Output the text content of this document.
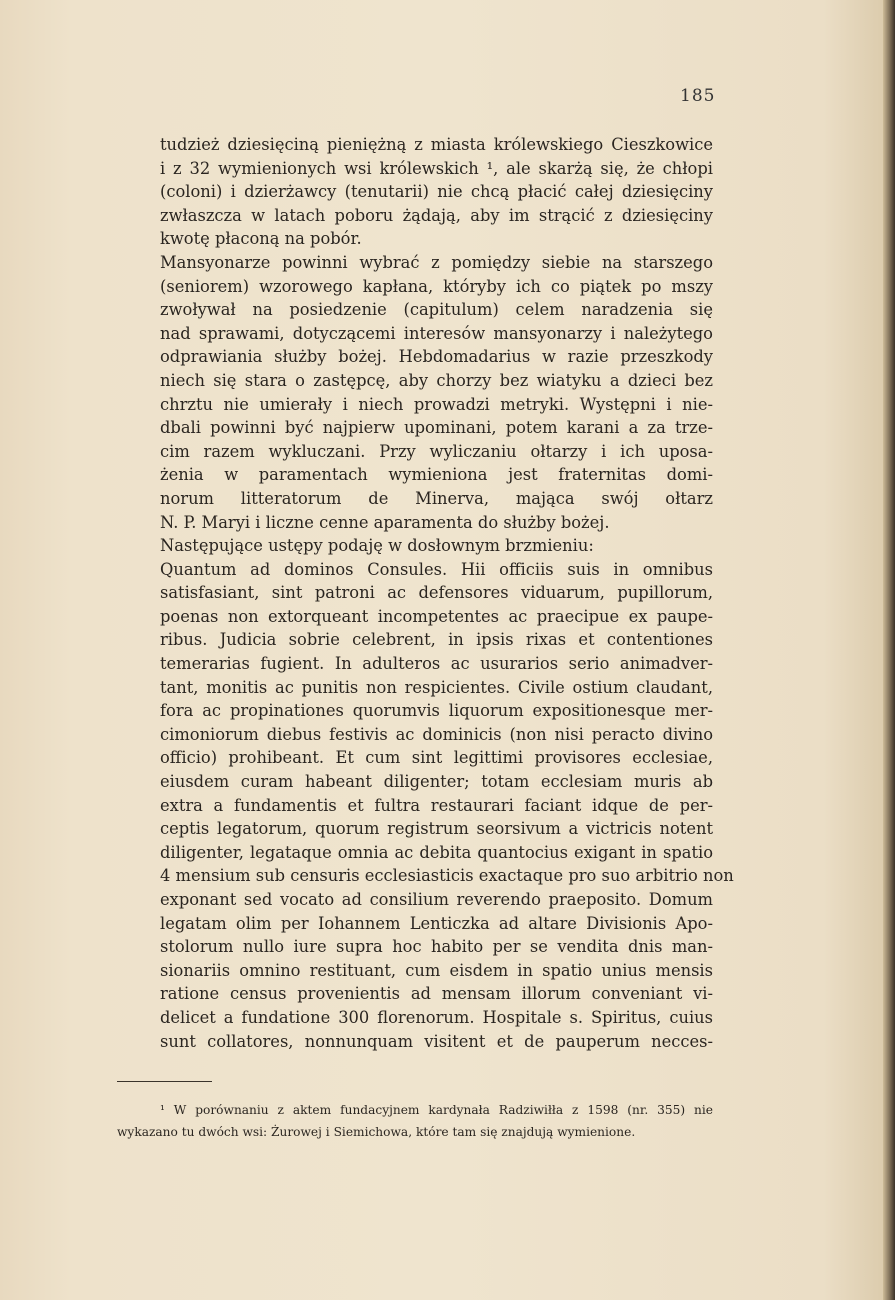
185
tudzież dziesięciną pieniężną z miasta królewskiego Cieszkowice
i z 32 wymienionych wsi królewskich ¹, ale skarżą się, że chłopi
(coloni) i dzierżawcy (tenutarii) nie chcą płacić całej dziesięciny
zwłaszcza w latach poboru żądają, aby im strącić z dziesięciny
kwotę płaconą na pobór.
Mansyonarze powinni wybrać z pomiędzy siebie na starszego
(seniorem) wzorowego kapłana, któryby ich co piątek po mszy
zwoływał na posiedzenie (capitulum) celem naradzenia się
nad sprawami, dotyczącemi interesów mansyonarzy i należytego
odprawiania służby bożej. Hebdomadarius w razie przeszkody
niech się stara o zastępcę, aby chorzy bez wiatyku a dzieci bez
chrztu nie umierały i niech prowadzi metryki. Występni i nie-
dbali powinni być najpierw upominani, potem karani a za trze-
cim razem wykluczani. Przy wyliczaniu ołtarzy i ich uposa-
żenia w paramentach wymieniona jest fraternitas domi-
norum litteratorum de Minerva, mająca swój ołtarz
N. P. Maryi i liczne cenne aparamenta do służby bożej.
Następujące ustępy podaję w dosłownym brzmieniu:
Quantum ad dominos Consules. Hii officiis suis in omnibus
satisfasiant, sint patroni ac defensores viduarum, pupillorum,
poenas non extorqueant incompetentes ac praecipue ex paupe-
ribus. Judicia sobrie celebrent, in ipsis rixas et contentiones
temerarias fugient. In adulteros ac usurarios serio animadver-
tant, monitis ac punitis non respicientes. Civile ostium claudant,
fora ac propinationes quorumvis liquorum expositionesque mer-
cimoniorum diebus festivis ac dominicis (non nisi peracto divino
officio) prohibeant. Et cum sint legittimi provisores ecclesiae,
eiusdem curam habeant diligenter; totam ecclesiam muris ab
extra a fundamentis et fultra restaurari faciant idque de per-
ceptis legatorum, quorum registrum seorsivum a victricis notent
diligenter, legataque omnia ac debita quantocius exigant in spatio
4 mensium sub censuris ecclesiasticis exactaque pro suo arbitrio non
exponant sed vocato ad consilium reverendo praeposito. Domum
legatam olim per Iohannem Lenticzka ad altare Divisionis Apo-
stolorum nullo iure supra hoc habito per se vendita dnis man-
sionariis omnino restituant, cum eisdem in spatio unius mensis
ratione census provenientis ad mensam illorum conveniant vi-
delicet a fundatione 300 florenorum. Hospitale s. Spiritus, cuius
sunt collatores, nonnunquam visitent et de pauperum necces-
¹ W porównaniu z aktem fundacyjnem kardynała Radziwiłła z 1598 (nr. 355) nie
wykazano tu dwóch wsi: Żurowej i Siemichowa, które tam się znajdują wymienione.
